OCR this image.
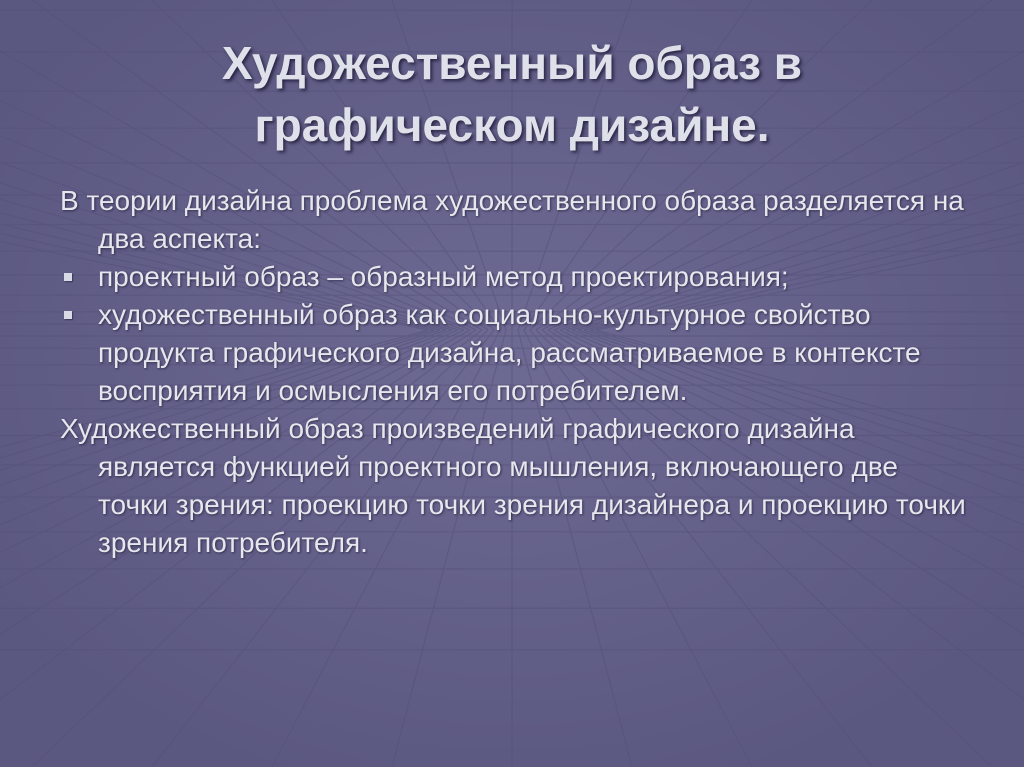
Художественный образ в
графическом дизайне.

В теории дизайна проблема художественного образа разделяется на два аспекта:

проектный образ – образный метод проектирования;
художественный образ как социально-культурное свойство продукта графического дизайна, рассматриваемое в контексте восприятия и осмысления его потребителем.

Художественный образ произведений графического дизайна является функцией проектного мышления, включающего две точки зрения: проекцию точки зрения дизайнера и проекцию точки зрения потребителя.
